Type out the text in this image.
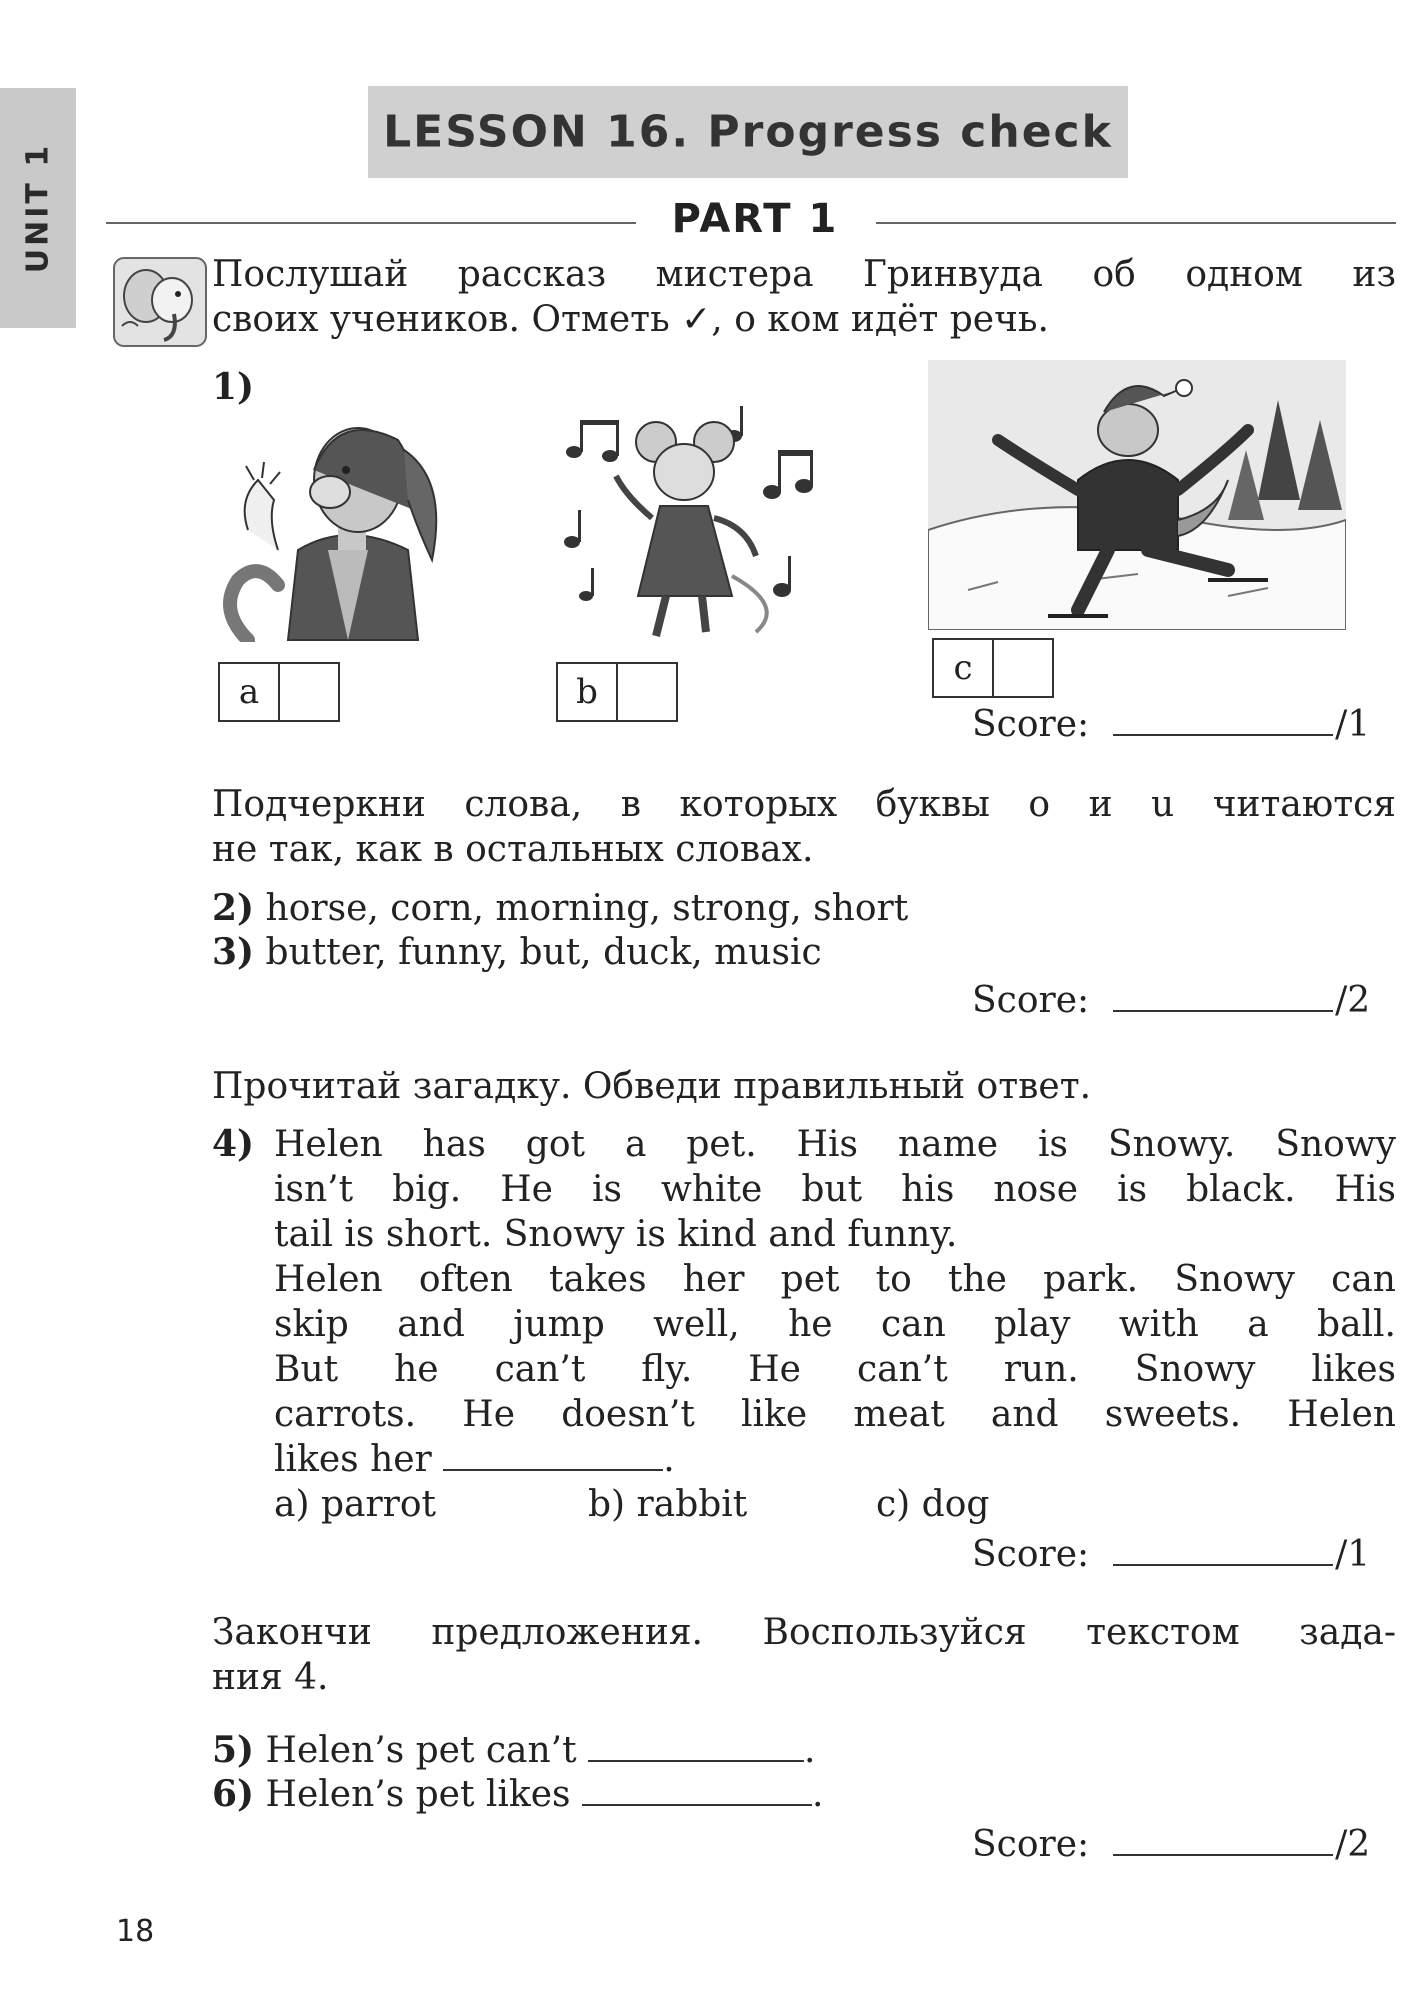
UNIT 1
LESSON 16. Progress check
PART 1
Послушай рассказ мистера Гринвуда об одном из
своих учеников. Отметь ✓, о ком идёт речь.
1)
a	b
c
Score:	/1
Подчеркни слова, в которых буквы о и u читаются
не так, как в остальных словах.
2) horse, corn, morning, strong, short
3) butter, funny, but, duck, music
Score:	/2
Прочитай загадку. Обведи правильный ответ.
4) Helen has got a pet. His name is Snowy. Snowy
isn’t big. He is white but his nose is black. His
tail is short. Snowy is kind and funny.
Helen often takes her pet to the park. Snowy can
skip and jump well, he can play with a ball.
But he can’t fly. He can’t run. Snowy likes
carrots. He doesn’t like meat and sweets. Helen
likes her	.
a) parrot	b) rabbit	c) dog
Score:	/1
Закончи предложения. Воспользуйся текстом зада-
ния 4.
5) Helen’s pet can’t	.
6) Helen’s pet likes	.
Score:	/2
18
